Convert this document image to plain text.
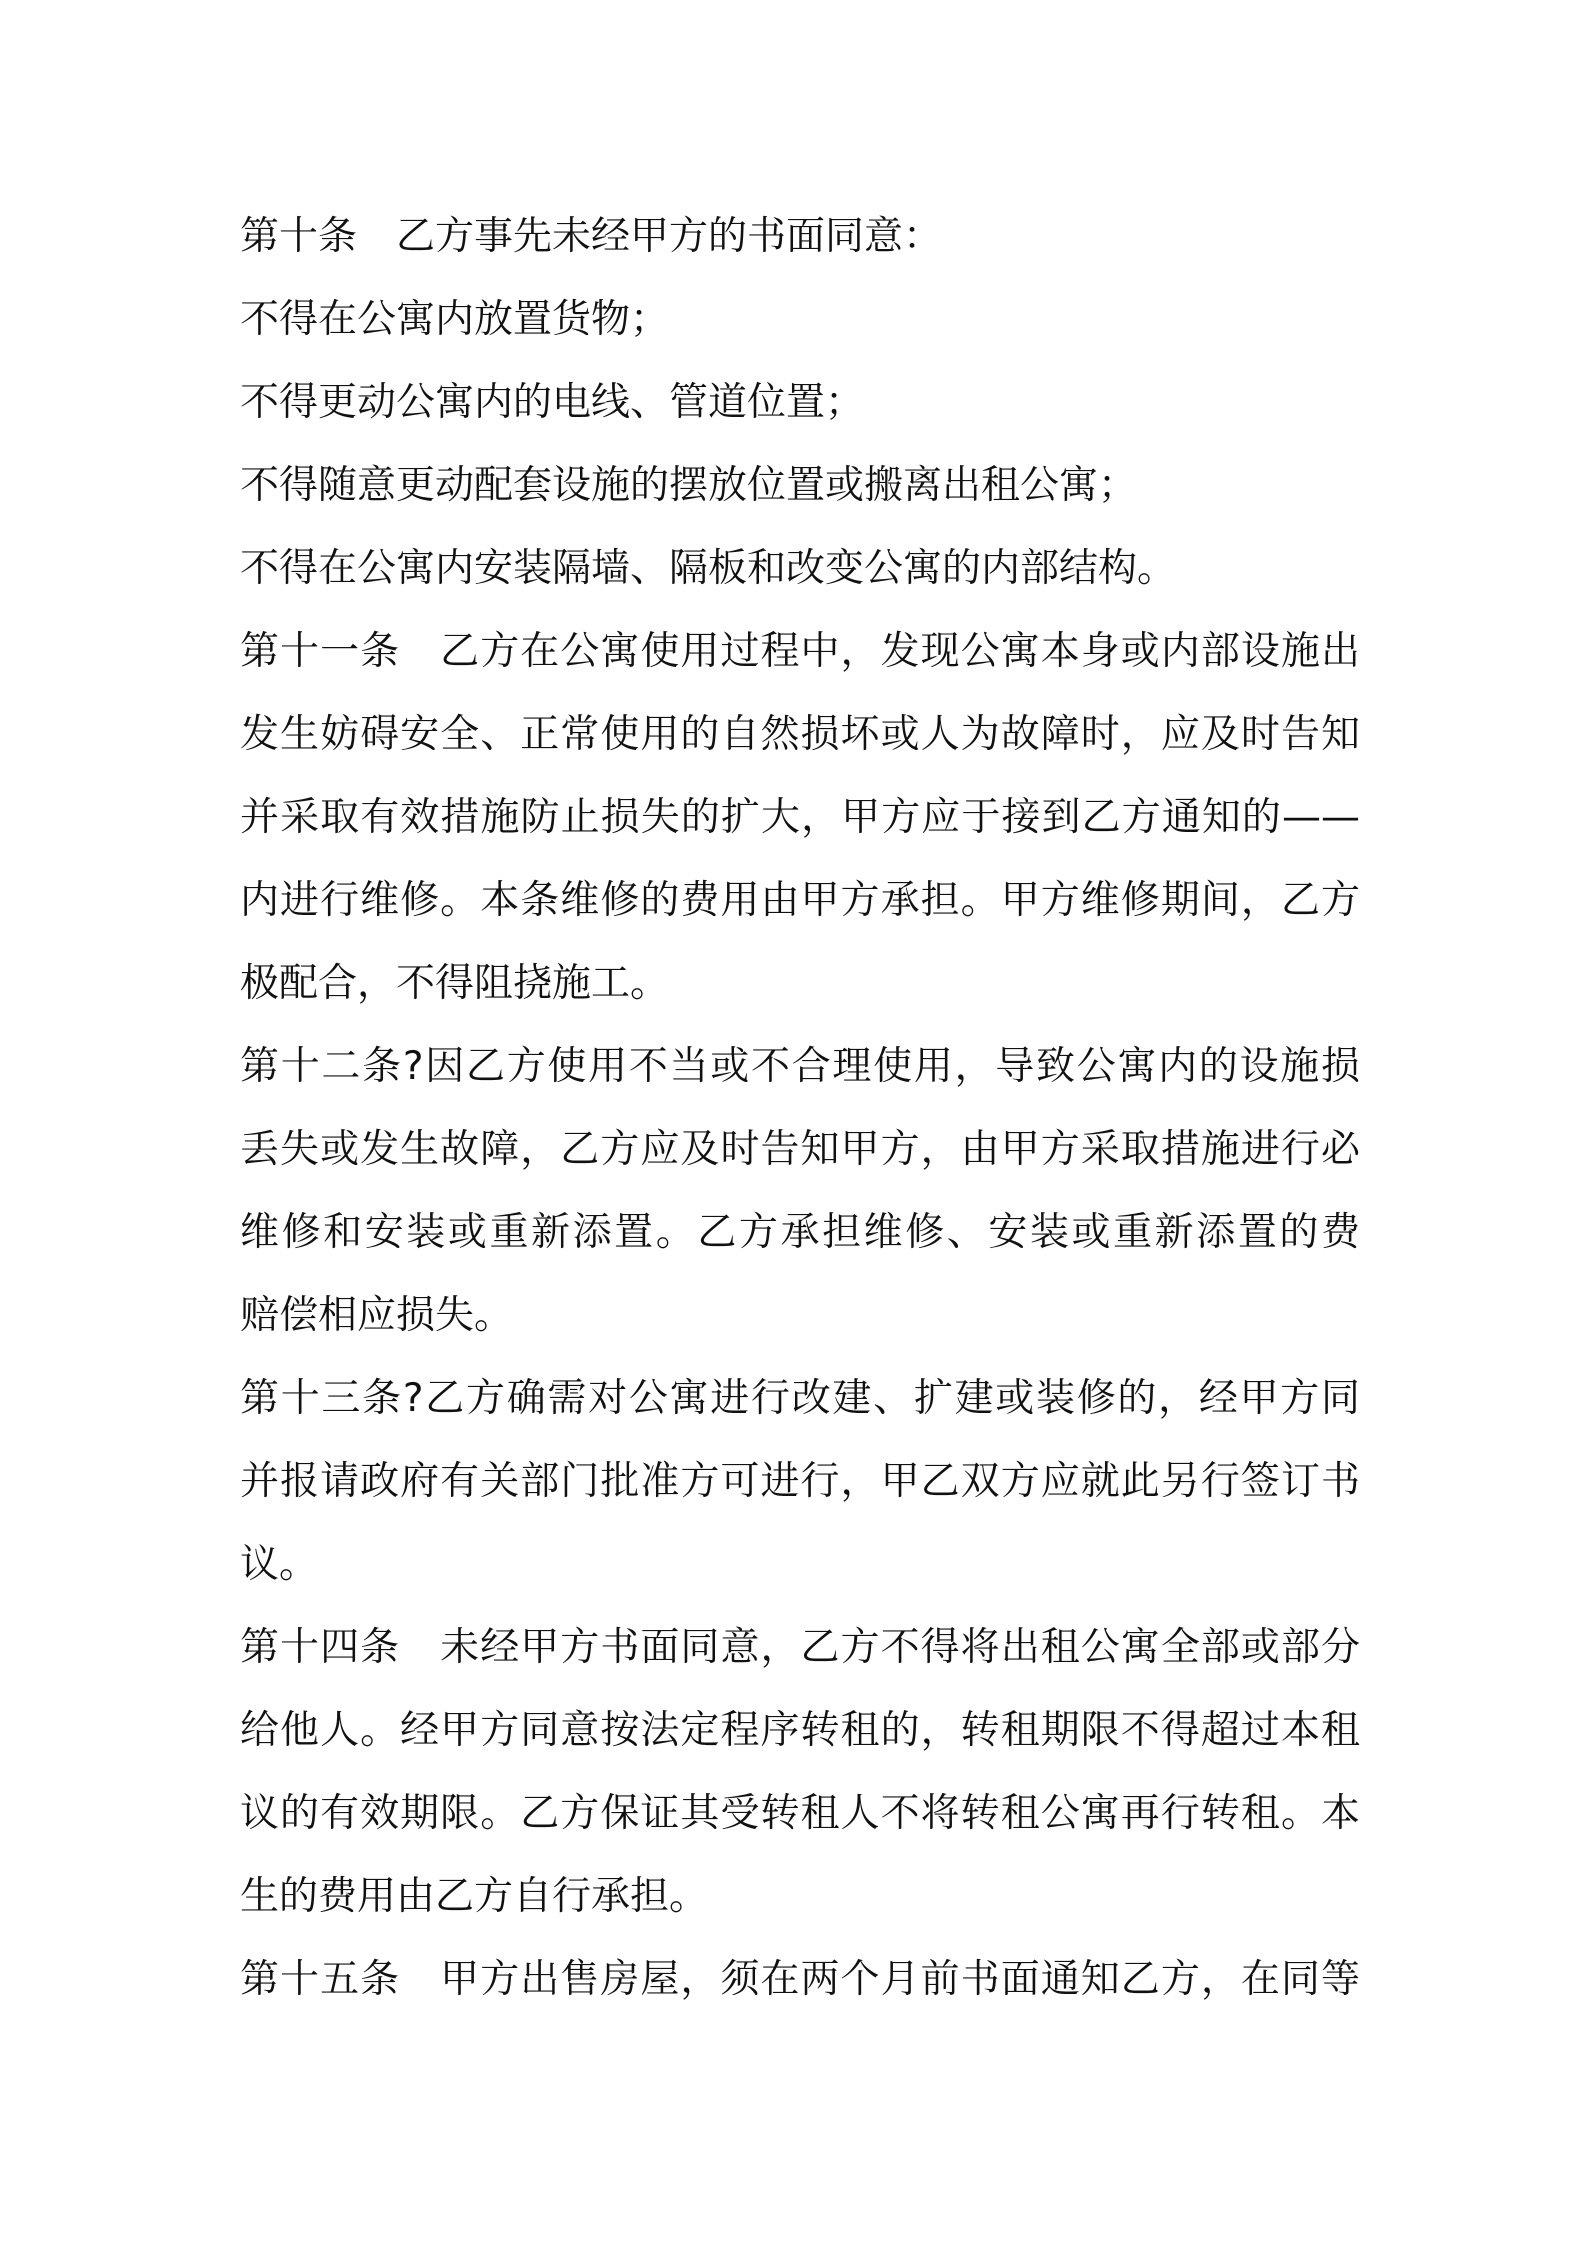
第十条　乙方事先未经甲方的书面同意：
不得在公寓内放置货物；
不得更动公寓内的电线、管道位置；
不得随意更动配套设施的摆放位置或搬离出租公寓；
不得在公寓内安装隔墙、隔板和改变公寓的内部结构。
第十一条　乙方在公寓使用过程中，发现公寓本身或内部设施出
发生妨碍安全、正常使用的自然损坏或人为故障时，应及时告知
并采取有效措施防止损失的扩大，甲方应于接到乙方通知的——
内进行维修。本条维修的费用由甲方承担。甲方维修期间，乙方
极配合，不得阻挠施工。
第十二条?因乙方使用不当或不合理使用，导致公寓内的设施损
丢失或发生故障，乙方应及时告知甲方，由甲方采取措施进行必
维修和安装或重新添置。乙方承担维修、安装或重新添置的费
赔偿相应损失。
第十三条?乙方确需对公寓进行改建、扩建或装修的，经甲方同
并报请政府有关部门批准方可进行，甲乙双方应就此另行签订书
议。
第十四条　未经甲方书面同意，乙方不得将出租公寓全部或部分
给他人。经甲方同意按法定程序转租的，转租期限不得超过本租
议的有效期限。乙方保证其受转租人不将转租公寓再行转租。本
生的费用由乙方自行承担。
第十五条　甲方出售房屋，须在两个月前书面通知乙方，在同等
